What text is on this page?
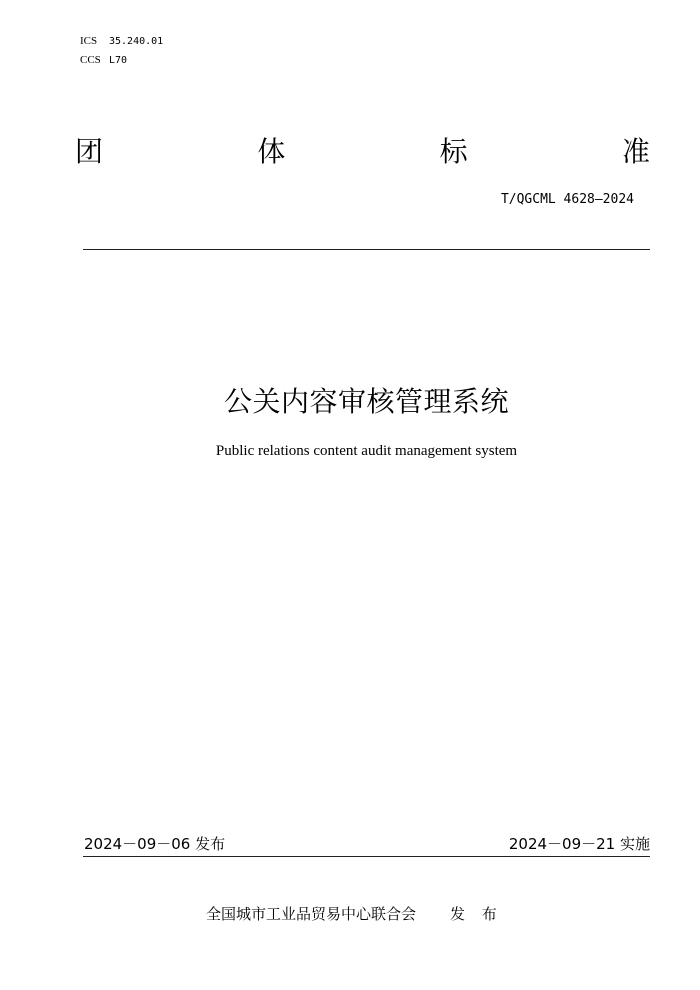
ICS 35.240.01
CCS L70
团	体	标	准
T/QGCML 4628—2024
公关内容审核管理系统
Public relations content audit management system
2024－09－06 发布	2024－09－21 实施
全国城市工业品贸易中心联合会 发 布
